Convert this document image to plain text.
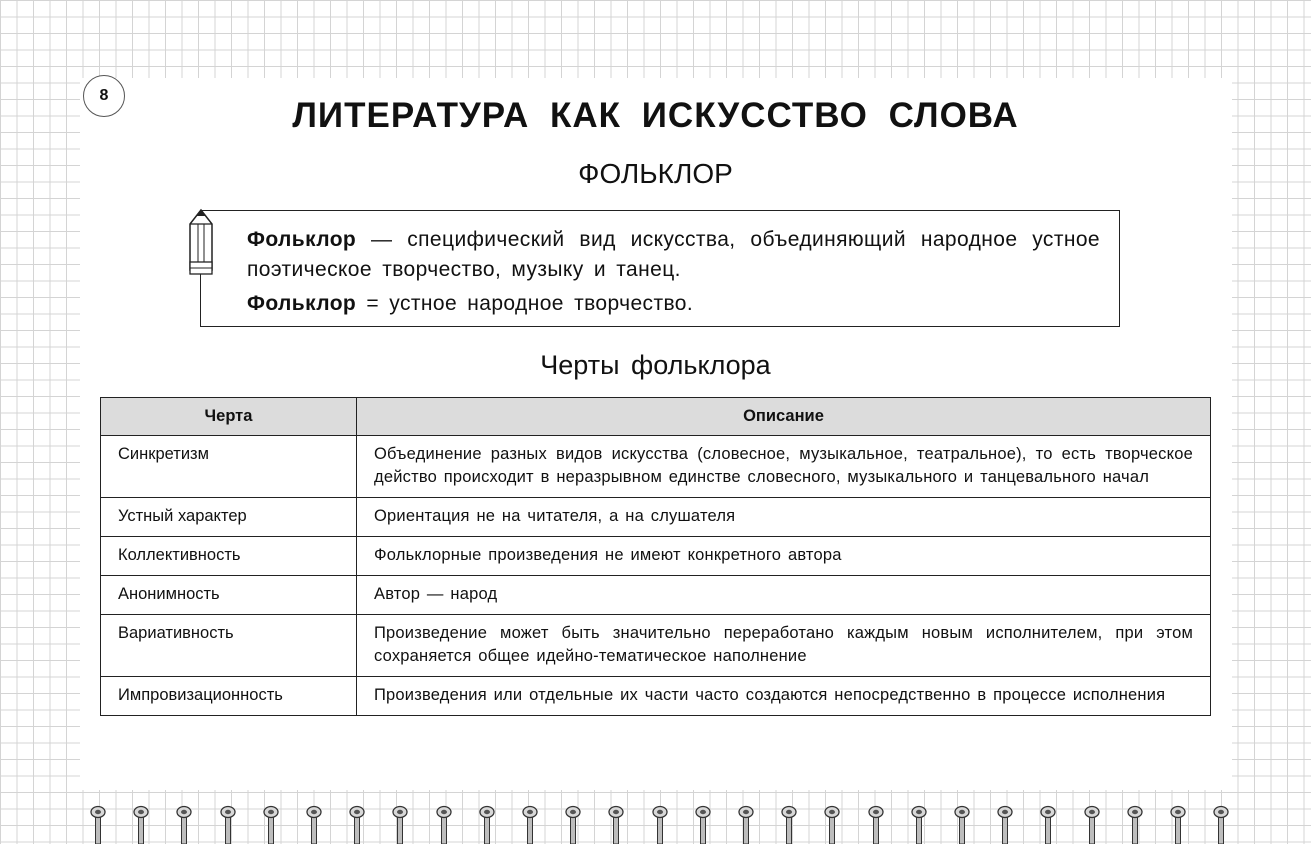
8
ЛИТЕРАТУРА КАК ИСКУССТВО СЛОВА
ФОЛЬКЛОР
Фольклор — специфический вид искусства, объединяющий народное устное поэтическое творчество, музыку и танец.
Фольклор = устное народное творчество.
Черты фольклора
Черта	Описание
Синкретизм	Объединение разных видов искусства (словесное, музыкальное, театральное), то есть творческое действо происходит в неразрывном единстве словесного, музыкального и танцевального начал
Устный характер	Ориентация не на читателя, а на слушателя
Коллективность	Фольклорные произведения не имеют конкретного автора
Анонимность	Автор — народ
Вариативность	Произведение может быть значительно переработано каждым новым исполнителем, при этом сохраняется общее идейно-тематическое наполнение
Импровизационность	Произведения или отдельные их части часто создаются непосредственно в процессе исполнения
